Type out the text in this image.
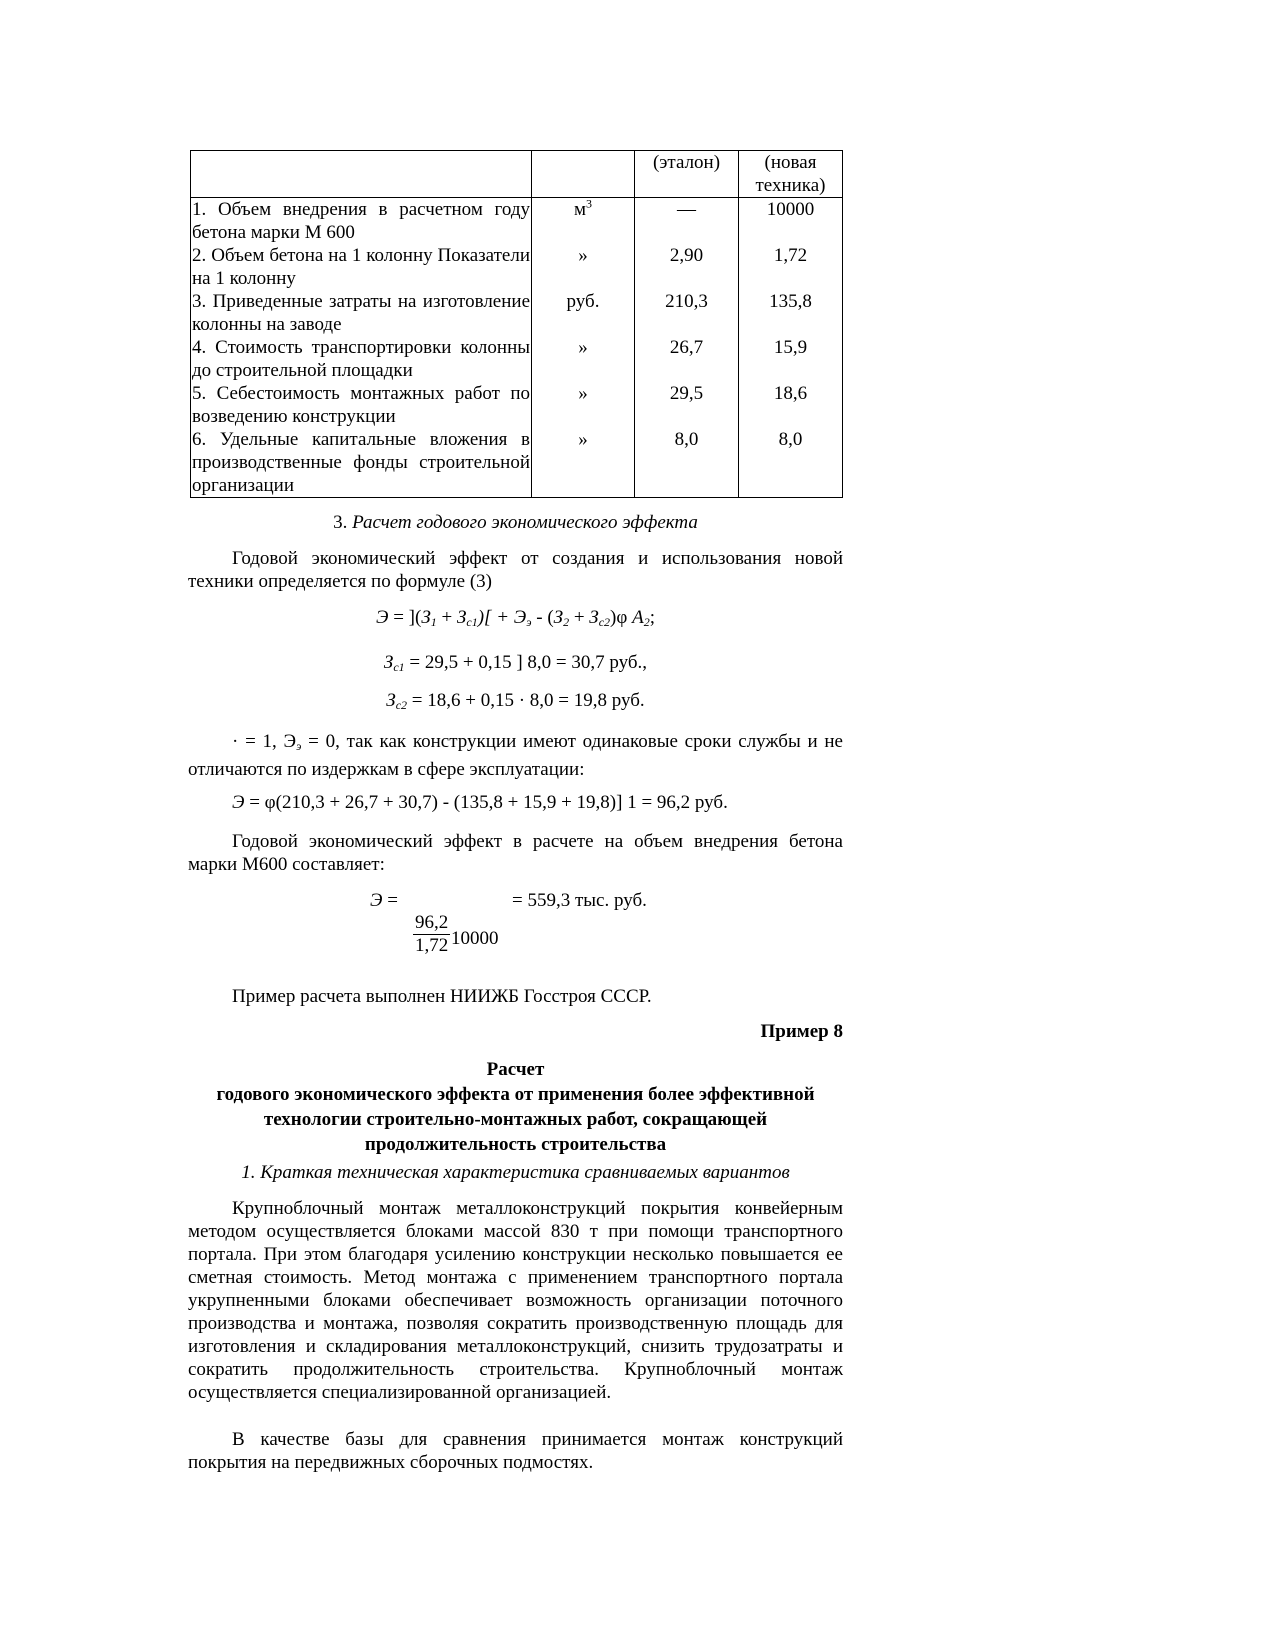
		(эталон)	(новая техника)

1. Объем внедрения в расчетном году бетона марки М 600	$м^3$	—	10000

2. Объем бетона на 1 колонну Показатели на 1 колонну	»	2,90	1,72

3. Приведенные затраты на изготовление колонны на заводе	руб.	210,3	135,8

4. Стоимость транспортировки колонны до строительной площадки	»	26,7	15,9

5. Себестоимость монтажных работ по возведению конструкции	»	29,5	18,6

6. Удельные капитальные вложения в производственные фонды строительной организации	»	8,0	8,0
3. Расчет годового экономического эффекта
Годовой экономический эффект от создания и использования новой техники определяется по формуле (3)
$Э = ](З_1 + З_{с1})[ + Э_э - (З_2 + З_{с2})\varphi$ $А_2$;
$З_{с1} = 29,5 + 0,15$ ] 8,0 = 30,7 руб.,
$З_{с2} = 18,6 + 0,15 \cdot 8,0 = 19,8$ руб.
· = 1, $Э_э = 0$, так как конструкции имеют одинаковые сроки службы и не отличаются по издержкам в сфере эксплуатации:
Э = φ(210,3 + 26,7 + 30,7) - (135,8 + 15,9 + 19,8)] 1 = 96,2 руб.
Годовой экономический эффект в расчете на объем внедрения бетона марки М600 составляет:
Э =	= 559,3 тыс. руб.
$\frac{96,2}{1,72} 10000$
Пример расчета выполнен НИИЖБ Госстроя СССР.
Пример 8
Расчет
годового экономического эффекта от применения более эффективной технологии строительно-монтажных работ, сокращающей продолжительность строительства
1. Краткая техническая характеристика сравниваемых вариантов
Крупноблочный монтаж металлоконструкций покрытия конвейерным методом осуществляется блоками массой 830 т при помощи транспортного портала. При этом благодаря усилению конструкции несколько повышается ее сметная стоимость. Метод монтажа с применением транспортного портала укрупненными блоками обеспечивает возможность организации поточного производства и монтажа, позволяя сократить производственную площадь для изготовления и складирования металлоконструкций, снизить трудозатраты и сократить продолжительность строительства. Крупноблочный монтаж осуществляется специализированной организацией.
В качестве базы для сравнения принимается монтаж конструкций покрытия на передвижных сборочных подмостях.
